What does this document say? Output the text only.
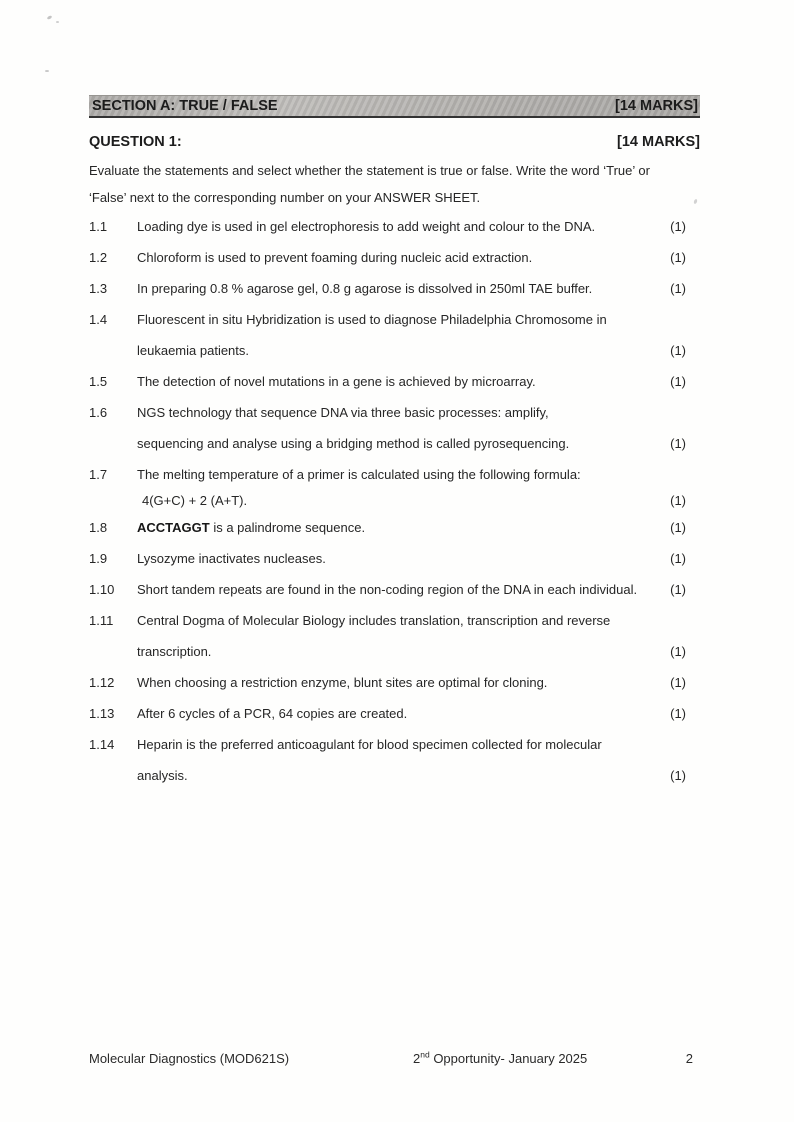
SECTION A: TRUE / FALSE	[14 MARKS]
QUESTION 1:	[14 MARKS]
Evaluate the statements and select whether the statement is true or false. Write the word ‘True’ or
‘False’ next to the corresponding number on your ANSWER SHEET.
1.1	Loading dye is used in gel electrophoresis to add weight and colour to the DNA.	(1)
1.2	Chloroform is used to prevent foaming during nucleic acid extraction.	(1)
1.3	In preparing 0.8 % agarose gel, 0.8 g agarose is dissolved in 250ml TAE buffer.	(1)
1.4	Fluorescent in situ Hybridization is used to diagnose Philadelphia Chromosome in
leukaemia patients.	(1)
1.5	The detection of novel mutations in a gene is achieved by microarray.	(1)
1.6	NGS technology that sequence DNA via three basic processes: amplify,
sequencing and analyse using a bridging method is called pyrosequencing.	(1)
1.7	The melting temperature of a primer is calculated using the following formula:
4(G+C) + 2 (A+T).	(1)
1.8	ACCTAGGT is a palindrome sequence.	(1)
1.9	Lysozyme inactivates nucleases.	(1)
1.10	Short tandem repeats are found in the non-coding region of the DNA in each individual.	(1)
1.11	Central Dogma of Molecular Biology includes translation, transcription and reverse
transcription.	(1)
1.12	When choosing a restriction enzyme, blunt sites are optimal for cloning.	(1)
1.13	After 6 cycles of a PCR, 64 copies are created.	(1)
1.14	Heparin is the preferred anticoagulant for blood specimen collected for molecular
analysis.	(1)
Molecular Diagnostics (MOD621S)	2nd Opportunity- January 2025	2
